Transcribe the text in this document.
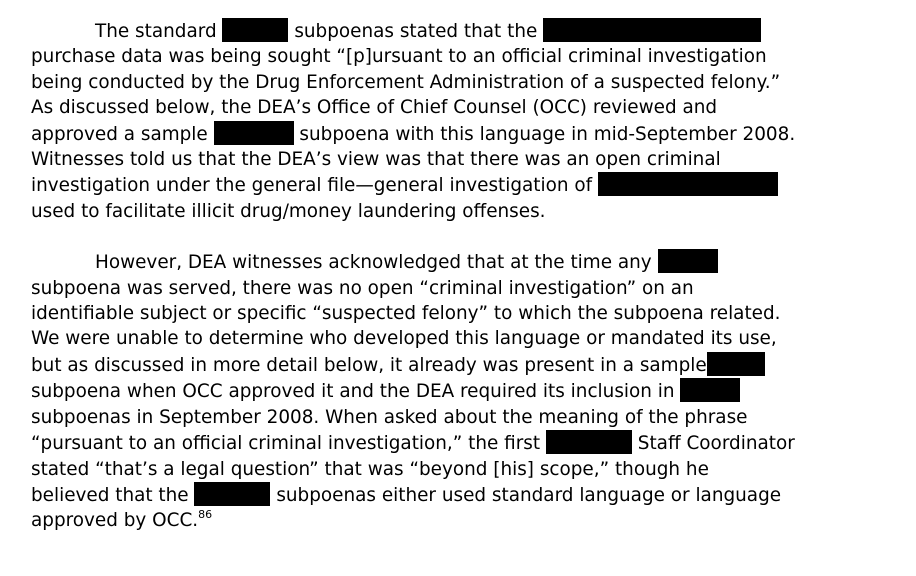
The standard	subpoenas stated that the
purchase data was being sought “[p]ursuant to an official criminal investigation
being conducted by the Drug Enforcement Administration of a suspected felony.”
As discussed below, the DEA’s Office of Chief Counsel (OCC) reviewed and
approved a sample	subpoena with this language in mid-September 2008.
Witnesses told us that the DEA’s view was that there was an open criminal
investigation under the general file—general investigation of
used to facilitate illicit drug/money laundering offenses.

However, DEA witnesses acknowledged that at the time any
subpoena was served, there was no open “criminal investigation” on an
identifiable subject or specific “suspected felony” to which the subpoena related.
We were unable to determine who developed this language or mandated its use,
but as discussed in more detail below, it already was present in a sample
subpoena when OCC approved it and the DEA required its inclusion in
subpoenas in September 2008. When asked about the meaning of the phrase
“pursuant to an official criminal investigation,” the first	Staff Coordinator
stated “that’s a legal question” that was “beyond [his] scope,” though he
believed that the	subpoenas either used standard language or language
approved by OCC.$^{86}$
